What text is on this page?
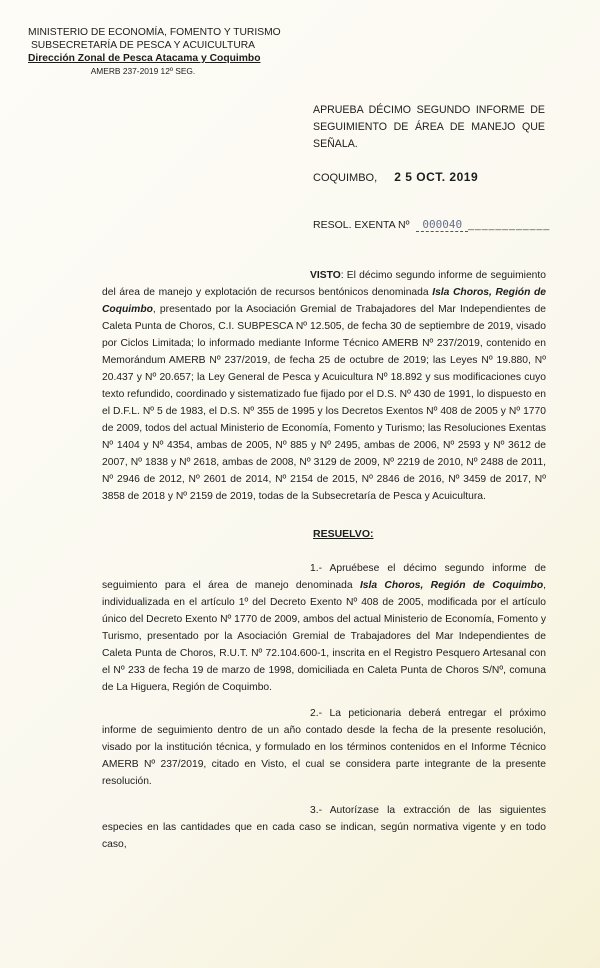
MINISTERIO DE ECONOMÍA, FOMENTO Y TURISMO
SUBSECRETARÍA DE PESCA Y ACUICULTURA
Dirección Zonal de Pesca Atacama y Coquimbo
AMERB 237-2019 12º SEG.
APRUEBA DÉCIMO SEGUNDO INFORME DE SEGUIMIENTO DE ÁREA DE MANEJO QUE SEÑALA.
COQUIMBO, 2 5 OCT. 2019
RESOL. EXENTA Nº 000040 ____________
VISTO: El décimo segundo informe de seguimiento del área de manejo y explotación de recursos bentónicos denominada Isla Choros, Región de Coquimbo, presentado por la Asociación Gremial de Trabajadores del Mar Independientes de Caleta Punta de Choros, C.I. SUBPESCA Nº 12.505, de fecha 30 de septiembre de 2019, visado por Ciclos Limitada; lo informado mediante Informe Técnico AMERB Nº 237/2019, contenido en Memorándum AMERB Nº 237/2019, de fecha 25 de octubre de 2019; las Leyes Nº 19.880, Nº 20.437 y Nº 20.657; la Ley General de Pesca y Acuicultura Nº 18.892 y sus modificaciones cuyo texto refundido, coordinado y sistematizado fue fijado por el D.S. Nº 430 de 1991, lo dispuesto en el D.F.L. Nº 5 de 1983, el D.S. Nº 355 de 1995 y los Decretos Exentos Nº 408 de 2005 y Nº 1770 de 2009, todos del actual Ministerio de Economía, Fomento y Turismo; las Resoluciones Exentas Nº 1404 y Nº 4354, ambas de 2005, Nº 885 y Nº 2495, ambas de 2006, Nº 2593 y Nº 3612 de 2007, Nº 1838 y Nº 2618, ambas de 2008, Nº 3129 de 2009, Nº 2219 de 2010, Nº 2488 de 2011, Nº 2946 de 2012, Nº 2601 de 2014, Nº 2154 de 2015, Nº 2846 de 2016, Nº 3459 de 2017, Nº 3858 de 2018 y Nº 2159 de 2019, todas de la Subsecretaría de Pesca y Acuicultura.
RESUELVO:
1.- Apruébese el décimo segundo informe de seguimiento para el área de manejo denominada Isla Choros, Región de Coquimbo, individualizada en el artículo 1º del Decreto Exento Nº 408 de 2005, modificada por el artículo único del Decreto Exento Nº 1770 de 2009, ambos del actual Ministerio de Economía, Fomento y Turismo, presentado por la Asociación Gremial de Trabajadores del Mar Independientes de Caleta Punta de Choros, R.U.T. Nº 72.104.600-1, inscrita en el Registro Pesquero Artesanal con el Nº 233 de fecha 19 de marzo de 1998, domiciliada en Caleta Punta de Choros S/Nº, comuna de La Higuera, Región de Coquimbo.
2.- La peticionaria deberá entregar el próximo informe de seguimiento dentro de un año contado desde la fecha de la presente resolución, visado por la institución técnica, y formulado en los términos contenidos en el Informe Técnico AMERB Nº 237/2019, citado en Visto, el cual se considera parte integrante de la presente resolución.
3.- Autorízase la extracción de las siguientes especies en las cantidades que en cada caso se indican, según normativa vigente y en todo caso,
